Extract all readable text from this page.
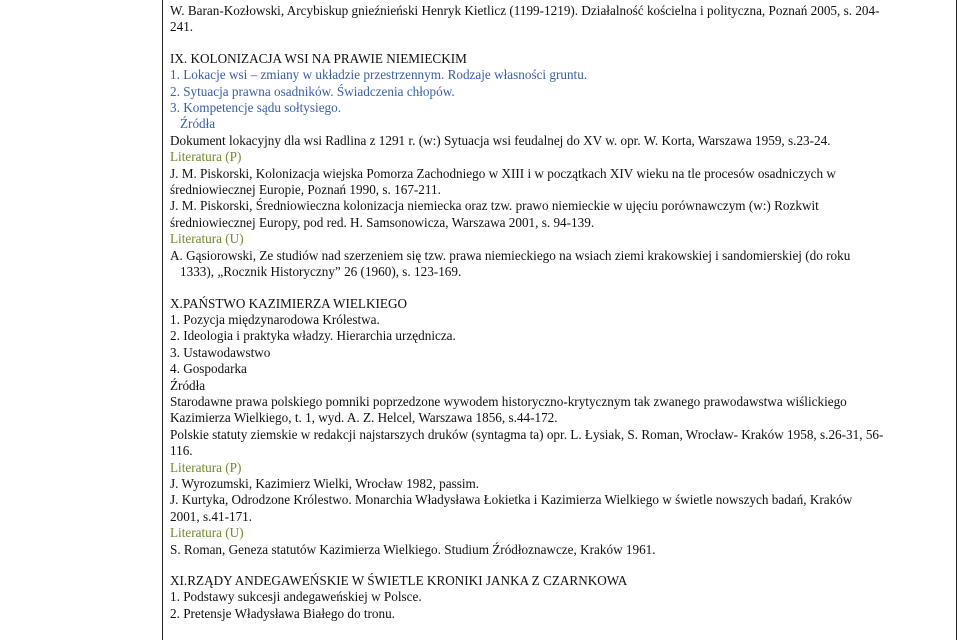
W. Baran-Kozłowski, Arcybiskup gnieźnieński Henryk Kietlicz (1199-1219). Działalność kościelna i polityczna, Poznań 2005, s. 204-
241.
IX. KOLONIZACJA WSI NA PRAWIE NIEMIECKIM
1. Lokacje wsi – zmiany w układzie przestrzennym. Rodzaje własności gruntu.
2. Sytuacja prawna osadników. Świadczenia chłopów.
3. Kompetencje sądu sołtysiego.
Źródła
Dokument lokacyjny dla wsi Radlina z 1291 r. (w:) Sytuacja wsi feudalnej do XV w. opr. W. Korta, Warszawa 1959, s.23-24.
Literatura (P)
J. M. Piskorski, Kolonizacja wiejska Pomorza Zachodniego w XIII i w początkach XIV wieku na tle procesów osadniczych w
średniowiecznej Europie, Poznań 1990, s. 167-211.
J. M. Piskorski, Średniowieczna kolonizacja niemiecka oraz tzw. prawo niemieckie w ujęciu porównawczym (w:) Rozkwit
średniowiecznej Europy, pod red. H. Samsonowicza, Warszawa 2001, s. 94-139.
Literatura (U)
A. Gąsiorowski, Ze studiów nad szerzeniem się tzw. prawa niemieckiego na wsiach ziemi krakowskiej i sandomierskiej (do roku
1333), „Rocznik Historyczny” 26 (1960), s. 123-169.
X.PAŃSTWO KAZIMIERZA WIELKIEGO
1. Pozycja międzynarodowa Królestwa.
2. Ideologia i praktyka władzy. Hierarchia urzędnicza.
3. Ustawodawstwo
4. Gospodarka
Źródła
Starodawne prawa polskiego pomniki poprzedzone wywodem historyczno-krytycznym tak zwanego prawodawstwa wiślickiego
Kazimierza Wielkiego, t. 1, wyd. A. Z. Helcel, Warszawa 1856, s.44-172.
Polskie statuty ziemskie w redakcji najstarszych druków (syntagma ta) opr. L. Łysiak, S. Roman, Wrocław- Kraków 1958, s.26-31, 56-
116.
Literatura (P)
J. Wyrozumski, Kazimierz Wielki, Wrocław 1982, passim.
J. Kurtyka, Odrodzone Królestwo. Monarchia Władysława Łokietka i Kazimierza Wielkiego w świetle nowszych badań, Kraków
2001, s.41-171.
Literatura (U)
S. Roman, Geneza statutów Kazimierza Wielkiego. Studium Źródłoznawcze, Kraków 1961.
XI.RZĄDY ANDEGAWEŃSKIE W ŚWIETLE KRONIKI JANKA Z CZARNKOWA
1. Podstawy sukcesji andegaweńskiej w Polsce.
2. Pretensje Władysława Białego do tronu.
